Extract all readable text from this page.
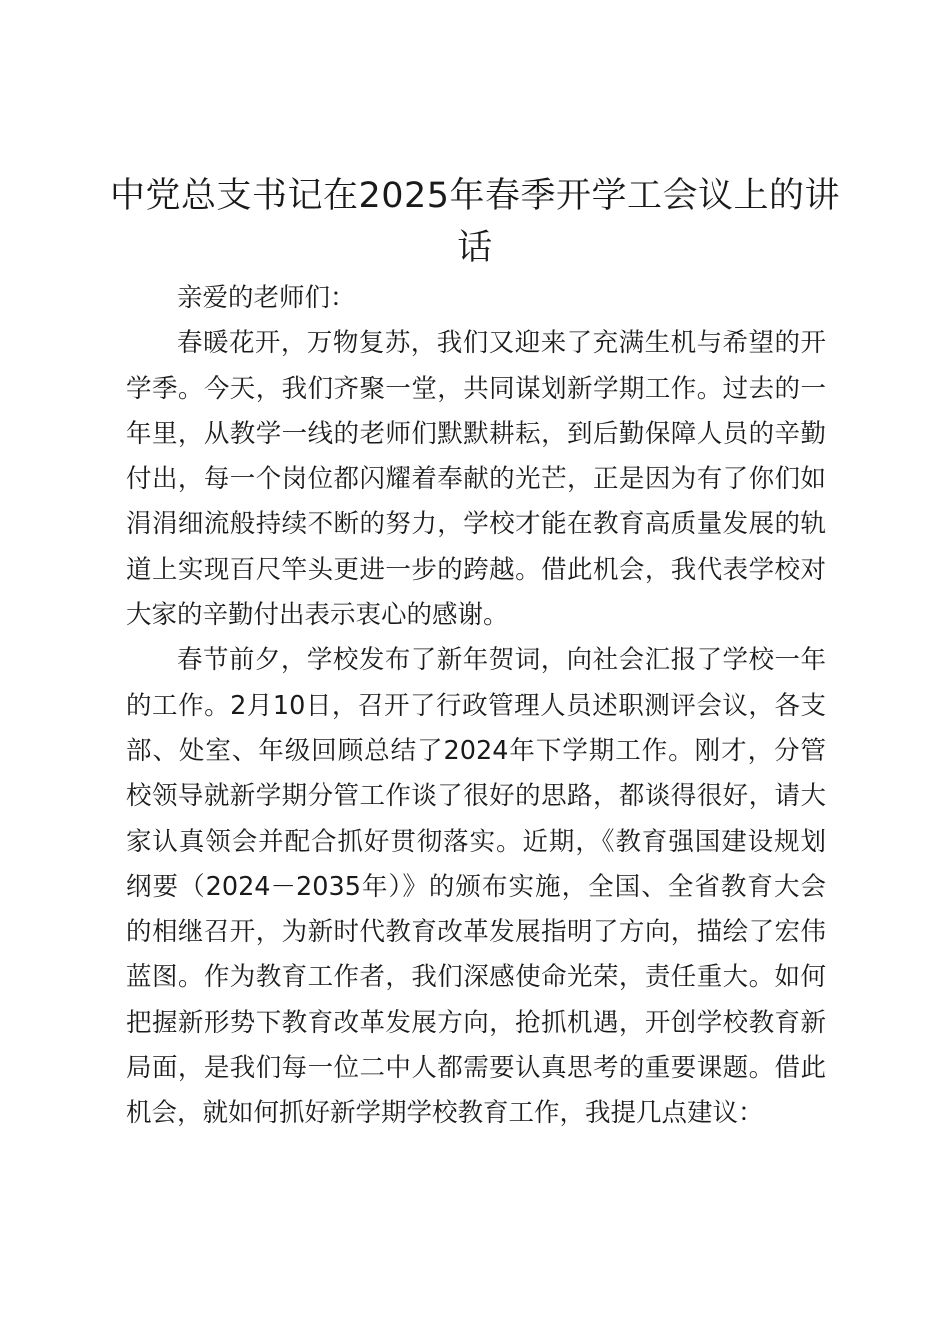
中党总支书记在2025年春季开学工会议上的讲话

亲爱的老师们：

春暖花开，万物复苏，我们又迎来了充满生机与希望的开学季。今天，我们齐聚一堂，共同谋划新学期工作。过去的一年里，从教学一线的老师们默默耕耘，到后勤保障人员的辛勤付出，每一个岗位都闪耀着奉献的光芒，正是因为有了你们如涓涓细流般持续不断的努力，学校才能在教育高质量发展的轨道上实现百尺竿头更进一步的跨越。借此机会，我代表学校对大家的辛勤付出表示衷心的感谢。

春节前夕，学校发布了新年贺词，向社会汇报了学校一年的工作。2月10日，召开了行政管理人员述职测评会议，各支部、处室、年级回顾总结了2024年下学期工作。刚才，分管校领导就新学期分管工作谈了很好的思路，都谈得很好，请大家认真领会并配合抓好贯彻落实。近期，《教育强国建设规划纲要（2024－2035年）》的颁布实施，全国、全省教育大会的相继召开，为新时代教育改革发展指明了方向，描绘了宏伟蓝图。作为教育工作者，我们深感使命光荣，责任重大。如何把握新形势下教育改革发展方向，抢抓机遇，开创学校教育新局面，是我们每一位二中人都需要认真思考的重要课题。借此机会，就如何抓好新学期学校教育工作，我提几点建议：
